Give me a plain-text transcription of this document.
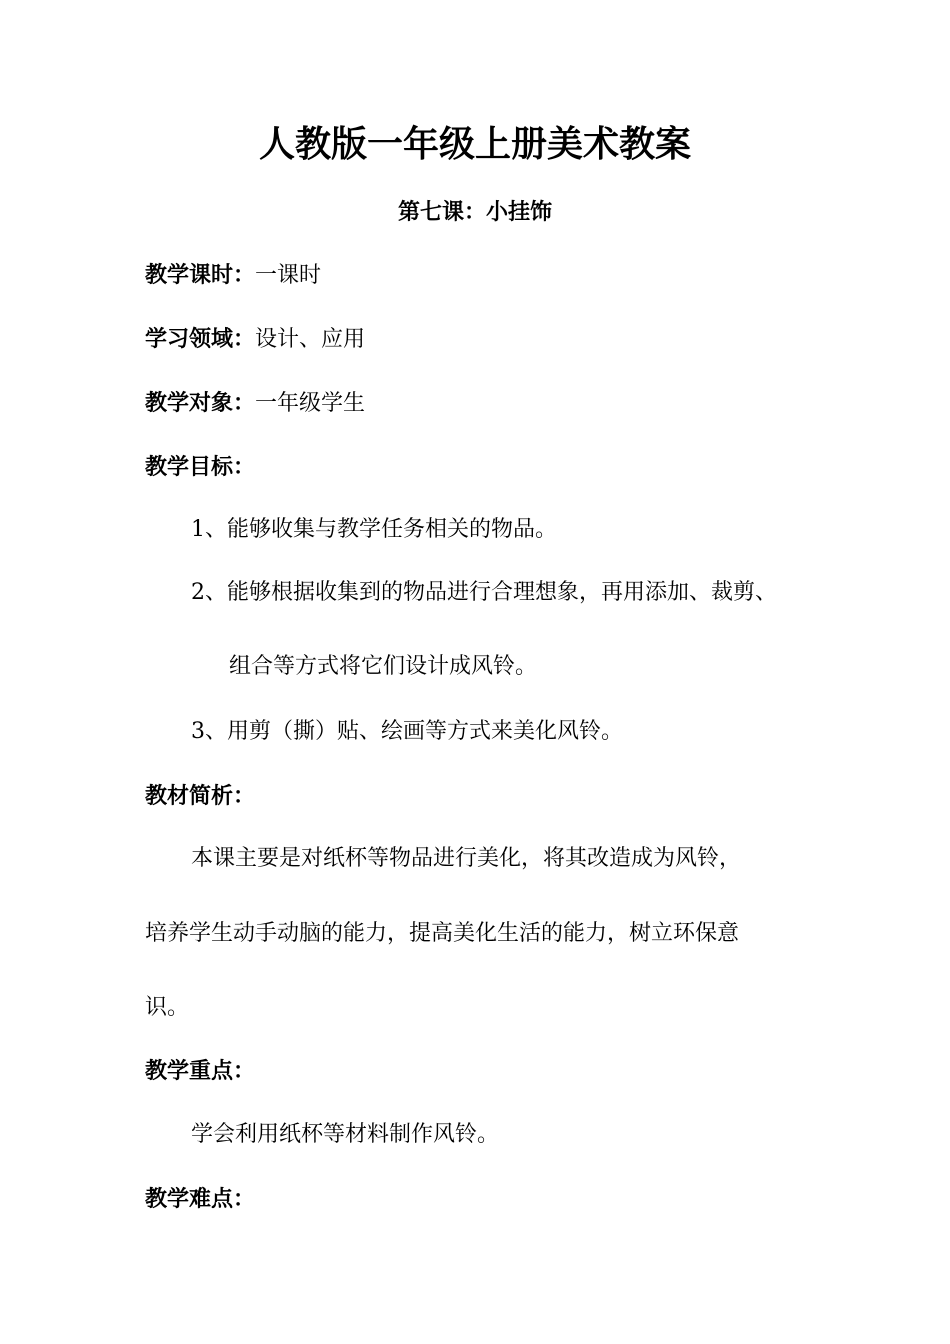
人教版一年级上册美术教案
第七课：小挂饰
教学课时：一课时
学习领域：设计、应用
教学对象：一年级学生
教学目标：
1、能够收集与教学任务相关的物品。
2、能够根据收集到的物品进行合理想象，再用添加、裁剪、
组合等方式将它们设计成风铃。
3、用剪（撕）贴、绘画等方式来美化风铃。
教材简析：
本课主要是对纸杯等物品进行美化，将其改造成为风铃，
培养学生动手动脑的能力，提高美化生活的能力，树立环保意
识。
教学重点：
学会利用纸杯等材料制作风铃。
教学难点：
